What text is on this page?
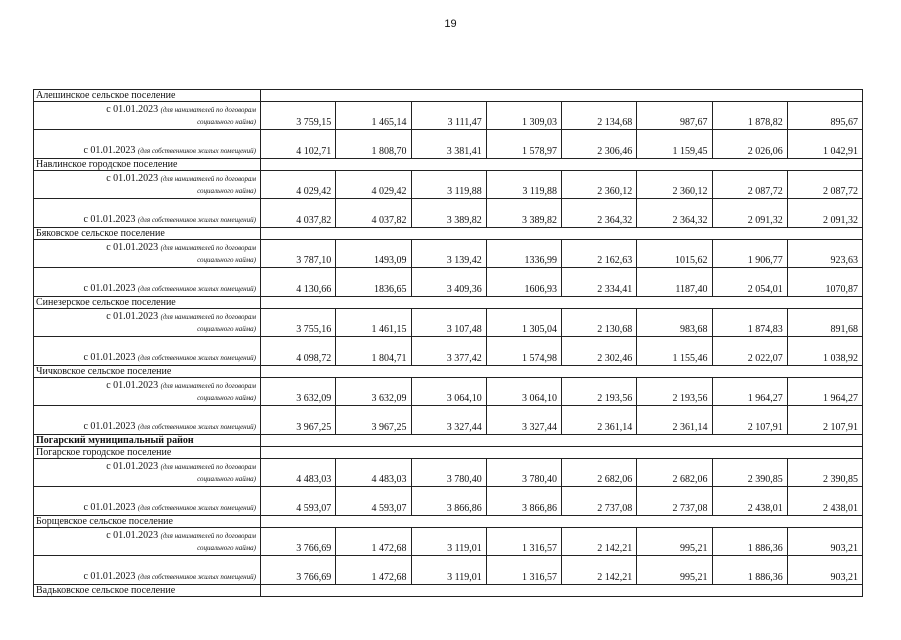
19
Алешинское сельское поселение								

с 01.01.2023 (для нанимателей по договорам
социального найма)	3 759,15	1 465,14	3 111,47	1 309,03	2 134,68	987,67	1 878,82	895,67
с 01.01.2023 (для собственников жилых помещений)	4 102,71	1 808,70	3 381,41	1 578,97	2 306,46	1 159,45	2 026,06	1 042,91
Навлинское городское поселение								

с 01.01.2023 (для нанимателей по договорам
социального найма)	4 029,42	4 029,42	3 119,88	3 119,88	2 360,12	2 360,12	2 087,72	2 087,72
с 01.01.2023 (для собственников жилых помещений)	4 037,82	4 037,82	3 389,82	3 389,82	2 364,32	2 364,32	2 091,32	2 091,32
Бяковское сельское поселение								

с 01.01.2023 (для нанимателей по договорам
социального найма)	3 787,10	1493,09	3 139,42	1336,99	2 162,63	1015,62	1 906,77	923,63
с 01.01.2023 (для собственников жилых помещений)	4 130,66	1836,65	3 409,36	1606,93	2 334,41	1187,40	2 054,01	1070,87
Синезерское сельское поселение								

с 01.01.2023 (для нанимателей по договорам
социального найма)	3 755,16	1 461,15	3 107,48	1 305,04	2 130,68	983,68	1 874,83	891,68
с 01.01.2023 (для собственников жилых помещений)	4 098,72	1 804,71	3 377,42	1 574,98	2 302,46	1 155,46	2 022,07	1 038,92
Чичковское сельское поселение								

с 01.01.2023 (для нанимателей по договорам
социального найма)	3 632,09	3 632,09	3 064,10	3 064,10	2 193,56	2 193,56	1 964,27	1 964,27
с 01.01.2023 (для собственников жилых помещений)	3 967,25	3 967,25	3 327,44	3 327,44	2 361,14	2 361,14	2 107,91	2 107,91
Погарский муниципальный район								
Погарское городское поселение								

с 01.01.2023 (для нанимателей по договорам
социального найма)	4 483,03	4 483,03	3 780,40	3 780,40	2 682,06	2 682,06	2 390,85	2 390,85
с 01.01.2023 (для собственников жилых помещений)	4 593,07	4 593,07	3 866,86	3 866,86	2 737,08	2 737,08	2 438,01	2 438,01
Борщевское сельское поселение								

с 01.01.2023 (для нанимателей по договорам
социального найма)	3 766,69	1 472,68	3 119,01	1 316,57	2 142,21	995,21	1 886,36	903,21
с 01.01.2023 (для собственников жилых помещений)	3 766,69	1 472,68	3 119,01	1 316,57	2 142,21	995,21	1 886,36	903,21
Вадьковское сельское поселение								
